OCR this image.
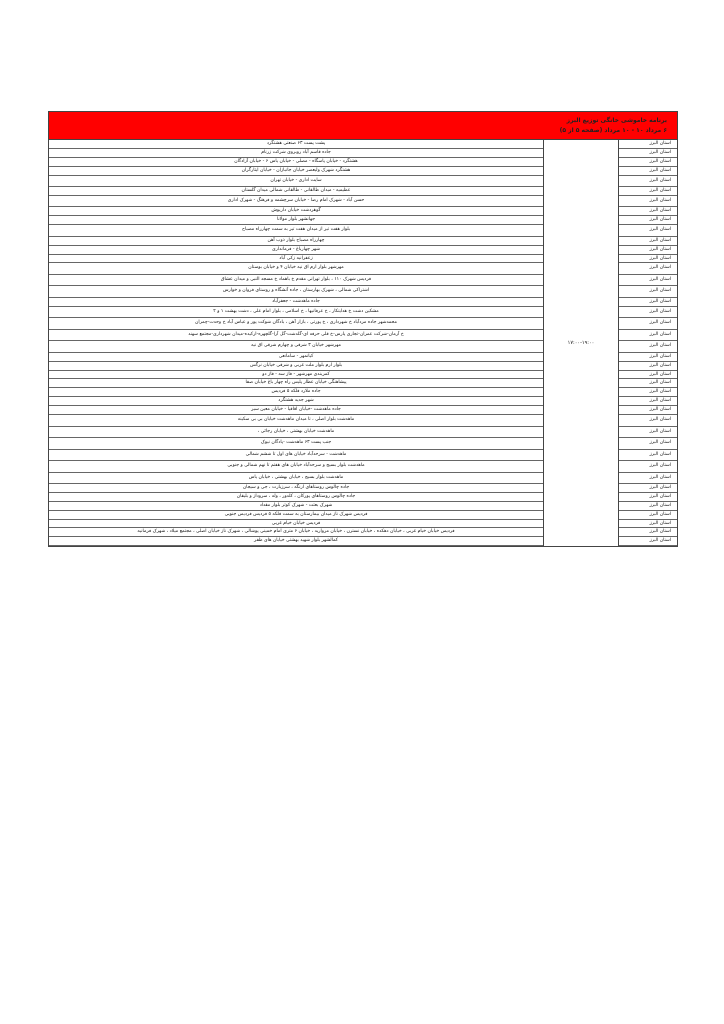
برنامه خاموشی خانگی توزیع البرز
۶ مرداد ۱۰ - ۱۰ مرداد (صفحه ۵ از ۵)
استان البرز
استان البرز
استان البرز
استان البرز
استان البرز
استان البرز
استان البرز
استان البرز
استان البرز
استان البرز
استان البرز
استان البرز
استان البرز
استان البرز
استان البرز
استان البرز
استان البرز
استان البرز
استان البرز
استان البرز
استان البرز
استان البرز
استان البرز
استان البرز
استان البرز
استان البرز
استان البرز
استان البرز
استان البرز
استان البرز
استان البرز
استان البرز
استان البرز
استان البرز
استان البرز
استان البرز
استان البرز
استان البرز
استان البرز
استان البرز
استان البرز
۱۷:۰۰-۱۹:۰۰
پشت پست ۶۳ صنعتی هشتگرد
جاده قاسم آباد روبروی شرکت زرنام
هشتگرد - خیابان پاسگاه - مصلی - خیابان یاس ۶ - خیابان آزادگان
هشتگرد شهرک ولیعصر خیابان جانبازان - خیابان ایثارگران
سایت اداری - خیابان تهران
عظیمیه - میدان طالقانی - طالقانی شمالی میدان گلستان
حسن آباد - شهرک امام رضا - خیابان سرچشمه و فرهنگ - شهرک اداری
گوهردشت خیابان داریوش
جهانشهر بلوار مولانا
بلوار هفت تیر از میدان هفت تیر به سمت چهارراه مصباح
چهارراه مصباح بلوار ذوب آهن
شهر چهارباغ - فرمانداری
زعفرانیه زکی آباد
مهرشهر بلوار ارم اق نیه خیابان ۴ و خیابان بوستان
فردیس شهرک ۱۱۰ ، بلوار تهرانی مقدم خ باهماد خ مسجد النبی و میدان عشاق
اشتراکی شمالی ، شهرک بهارستان ، جاده آتشگاه و روستای فروان و خوارس
جاده ماهدشت - جعفرآباد
مشکین دشت خ هدایتکار ، خ عرفانیها ، خ اسلامی ، بلوار امام علی ، دشت بهشت ۱ و ۲
محمدشهر جاده مردآباد خ شهرداری ، خ پورتی ، بازار آهن ، بادگان شوکت پور و عباس آباد خ وحدت-چمران
خ آرمان-شرکت عمران-تجاری پارس-خ قلی حرفه ای-گلدشت-گل آرا-گلچهره-ارکیده-میدان شهرداری-مجتمع سهند
مهرشهر خیابان ۳ شرقی و چهارم شرقی اق نیه
کیانمهر - سامانعی
بلوار ارم بلوار ملت غربی و شرقی خیابان نرگس
کمربندی مهرشهر - فاز سه - فاز دو
پیشاهنگی خیابان عطار پلیس راه چهار باغ خیابان صفا
جاده ملارد فلکه ۵ فردیس
شهر جدید هشتگرد
جاده ماهدشت -خیابان اقاقیا - خیابان معین سیر
ماهدشت بلوار اصلی ، تا میدان ماهدشت خیابان بی بی سکینه
ماهدشت خیابان بهشتی ، خیابان رجائی ،
جنب پست ۶۳ ماهدشت -پادگان نیوک
ماهدشت - سرحدآباد خیابان های اول تا ششم شمالی
ماهدشت بلوار بسیج و سرحدآباد خیابان های هفتم تا نهم شمالی و جنوبی
ماهدشت بلوار بسیج ، خیابان بهشتی ، خیابان یاس
جاده چالوس روستاهای ارنگه ، سرزیارت ، جی و سیجان
جاده چالوس روستاهای پورکان ، کلدور ، وله ، سروداز و بلیقان
شهرک بعثت - شهرک کوثر بلوار مقداد
فردیس شهرک ناز میدان بیمارستان به سمت فلکه ۵ فردیس فردیس جنوبی
فردیس خیابان خیام غربی
فردیس خیابان خیام غربی ، خیابان دهکده ، خیابان نسترن ، خیابان مروارید ، خیابان ۶ متری امام خمینی پوشالی ، شهرک ناز خیابان اصلی ، مجتمع میلاد ، شهرک فرمانیه
کمالشهر بلوار شهید بهشتی خیابان های ظفر
